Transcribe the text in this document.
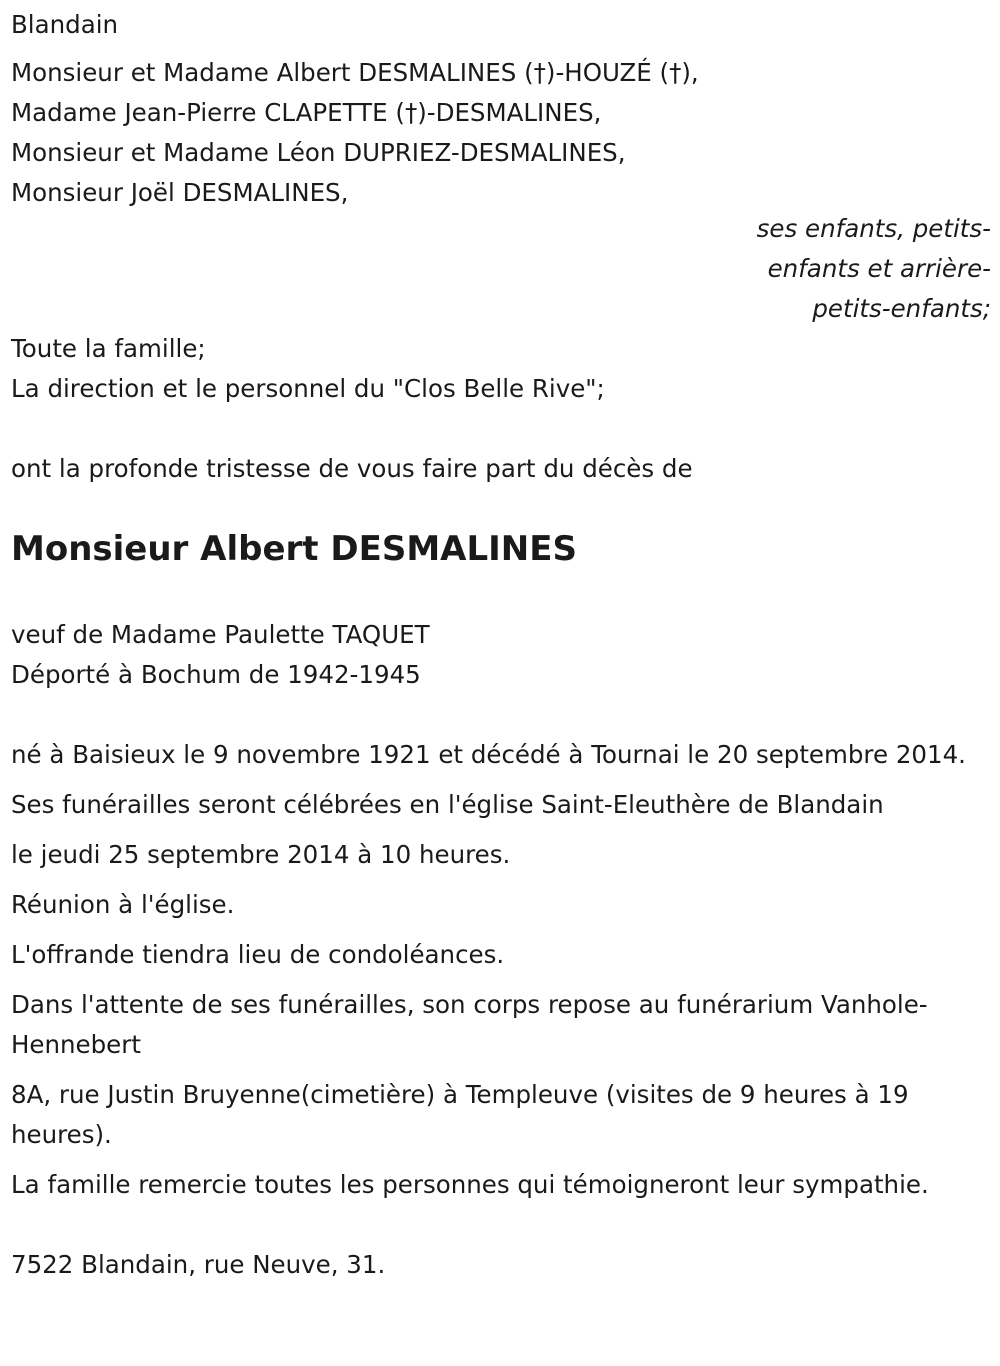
Blandain
Monsieur et Madame Albert DESMALINES (†)-HOUZÉ (†),
Madame Jean-Pierre CLAPETTE (†)-DESMALINES,
Monsieur et Madame Léon DUPRIEZ-DESMALINES,
Monsieur Joël DESMALINES,
ses enfants, petits-
enfants et arrière-
petits-enfants;
Toute la famille;
La direction et le personnel du "Clos Belle Rive";
ont la profonde tristesse de vous faire part du décès de
Monsieur Albert DESMALINES
veuf de Madame Paulette TAQUET
Déporté à Bochum de 1942-1945
né à Baisieux le 9 novembre 1921 et décédé à Tournai le 20 septembre 2014.
Ses funérailles seront célébrées en l'église Saint-Eleuthère de Blandain
le jeudi 25 septembre 2014 à 10 heures.
Réunion à l'église.
L'offrande tiendra lieu de condoléances.
Dans l'attente de ses funérailles, son corps repose au funérarium Vanhole-Hennebert
8A, rue Justin Bruyenne(cimetière) à Templeuve (visites de 9 heures à 19 heures).
La famille remercie toutes les personnes qui témoigneront leur sympathie.
7522 Blandain, rue Neuve, 31.
